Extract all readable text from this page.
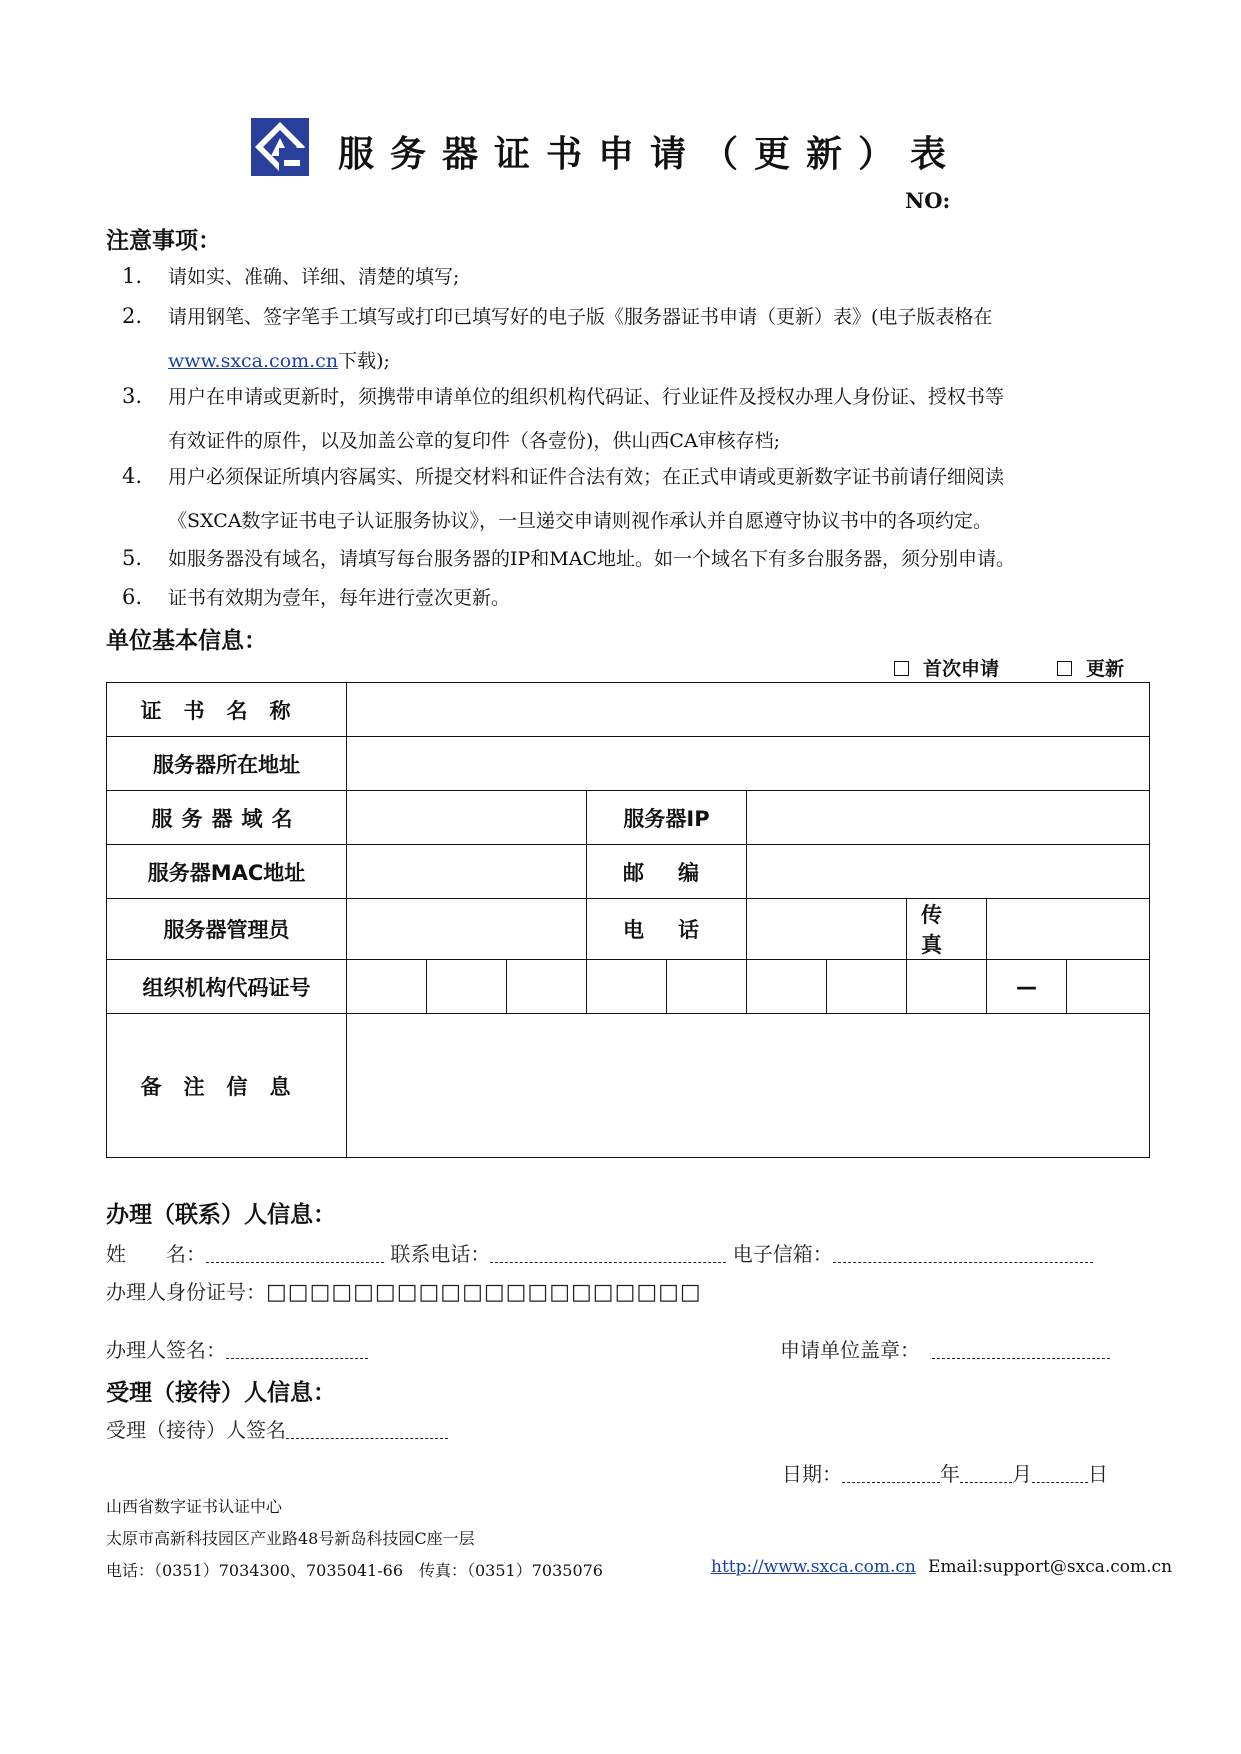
服务器证书申请（更新）表
NO:
注意事项：
1. 请如实、准确、详细、清楚的填写;
2. 请用钢笔、签字笔手工填写或打印已填写好的电子版《服务器证书申请（更新）表》(电子版表格在
www.sxca.com.cn下载);
3. 用户在申请或更新时，须携带申请单位的组织机构代码证、行业证件及授权办理人身份证、授权书等
有效证件的原件，以及加盖公章的复印件（各壹份)，供山西CA审核存档;
4. 用户必须保证所填内容属实、所提交材料和证件合法有效；在正式申请或更新数字证书前请仔细阅读
《SXCA数字证书电子认证服务协议》，一旦递交申请则视作承认并自愿遵守协议书中的各项约定。
5. 如服务器没有域名，请填写每台服务器的IP和MAC地址。如一个域名下有多台服务器，须分别申请。
6. 证书有效期为壹年，每年进行壹次更新。
单位基本信息：
首次申请	更新
证书名称										
服务器所在地址										
服务器域名				服务器IP						
服务器MAC地址				邮编						
服务器管理员				电话				传真		
组织机构代码证号									—	
备注信息										
办理（联系）人信息：
姓　　名：	联系电话：	电子信箱：
办理人身份证号：□□□□□□□□□□□□□□□□□□□□
办理人签名：	申请单位盖章：
受理（接待）人信息：
受理（接待）人签名
日期：	年	月	日
山西省数字证书认证中心
太原市高新科技园区产业路48号新岛科技园C座一层
电话：（0351）7034300、7035041-66　传真：（0351）7035076	http://www.sxca.com.cn Email:support@sxca.com.cn
